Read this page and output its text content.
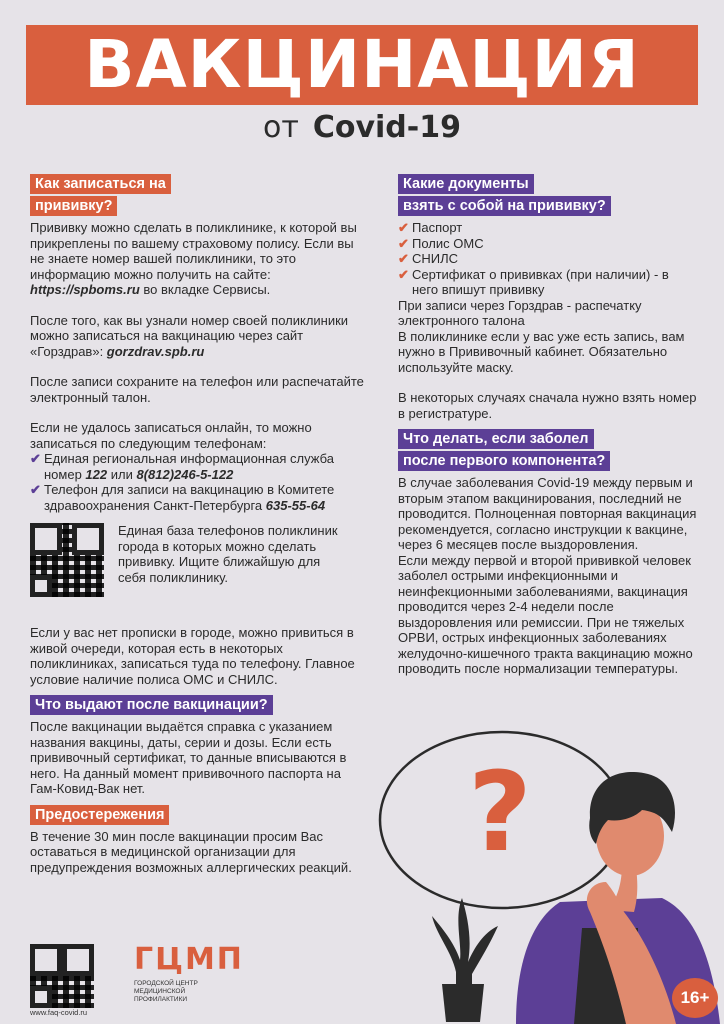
ВАКЦИНАЦИЯ
от Covid-19
Как записаться на
прививку?

Прививку можно сделать в поликлинике, к которой вы прикреплены по вашему страховому полису. Если вы не знаете номер вашей поликлиники, то это информацию можно получить на сайте: https://spboms.ru во вкладке Сервисы.

После того, как вы узнали номер своей поликлиники можно записаться на вакцинацию через сайт «Горздрав»: gorzdrav.spb.ru

После записи сохраните на телефон или распечатайте электронный талон.

Если не удалось записаться онлайн, то можно записаться по следующим телефонам:
✔ Единая региональная информационная служба номер 122 или 8(812)246-5-122
✔ Телефон для записи на вакцинацию в Комитете здравоохранения Санкт-Петербурга 635-55-64
Единая база телефонов поликлиник города в которых можно сделать прививку. Ищите ближайшую для себя поликлинику.

Если у вас нет прописки в городе, можно привиться в живой очереди, которая есть в некоторых поликлиниках, записаться туда по телефону. Главное условие наличие полиса ОМС и СНИЛС.

Что выдают после вакцинации?

После вакцинации выдаётся справка с указанием названия вакцины, даты, серии и дозы. Если есть прививочный сертификат, то данные вписываются в него. На данный момент прививочного паспорта на Гам-Ковид-Вак нет.

Предостережения

В течение 30 мин после вакцинации просим Вас оставаться в медицинской организации для предупреждения возможных аллергических реакций.

Какие документы
взять с собой на прививку?
✔ Паспорт
✔ Полис ОМС
✔ СНИЛС
✔ Сертификат о прививках (при наличии) - в него впишут прививку
При записи через Горздрав - распечатку электронного талона

В поликлинике если у вас уже есть запись, вам нужно в Прививочный кабинет. Обязательно используйте маску.

В некоторых случаях сначала нужно взять номер в регистратуре.

Что делать, если заболел
после первого компонента?
В случае заболевания Covid-19 между первым и вторым этапом вакцинирования, последний не проводится. Полноценная повторная вакцинация рекомендуется, согласно инструкции к вакцине, через 6 месяцев после выздоровления.
Если между первой и второй прививкой человек заболел острыми инфекционными и неинфекционными заболеваниями, вакцинация проводится через 2-4 недели после выздоровления или ремиссии. При не тяжелых ОРВИ, острых инфекционных заболеваниях желудочно-кишечного тракта вакцинацию можно проводить после нормализации температуры.
?
www.faq-covid.ru
ГЦМП
ГОРОДСКОЙ ЦЕНТР МЕДИЦИНСКОЙ ПРОФИЛАКТИКИ	16+
